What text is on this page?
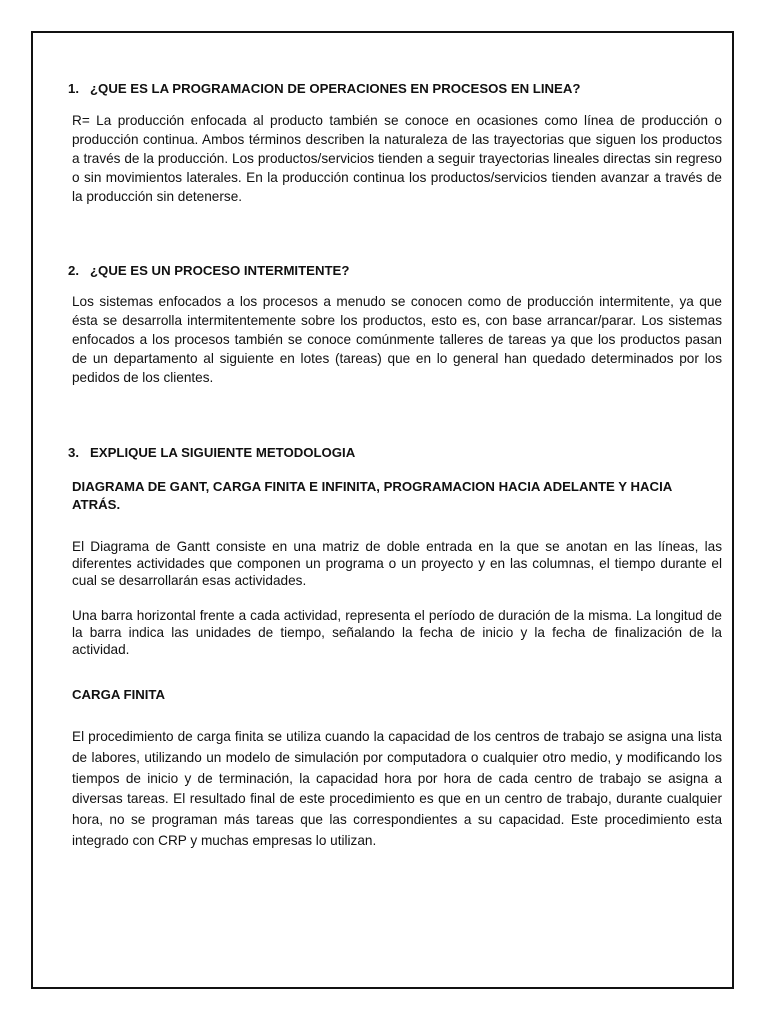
1. ¿QUE ES LA PROGRAMACION DE OPERACIONES EN PROCESOS EN LINEA?

R= La producción enfocada al producto también se conoce en ocasiones como línea de producción o producción continua. Ambos términos describen la naturaleza de las trayectorias que siguen los productos a través de la producción. Los productos/servicios tienden a seguir trayectorias lineales directas sin regreso o sin movimientos laterales. En la producción continua los productos/servicios tienden avanzar a través de la producción sin detenerse.

2. ¿QUE ES UN PROCESO INTERMITENTE?

Los sistemas enfocados a los procesos a menudo se conocen como de producción intermitente, ya que ésta se desarrolla intermitentemente sobre los productos, esto es, con base arrancar/parar. Los sistemas enfocados a los procesos también se conoce comúnmente talleres de tareas ya que los productos pasan de un departamento al siguiente en lotes (tareas) que en lo general han quedado determinados por los pedidos de los clientes.

3. EXPLIQUE LA SIGUIENTE METODOLOGIA

DIAGRAMA DE GANT, CARGA FINITA E INFINITA, PROGRAMACION HACIA ADELANTE Y HACIA ATRÁS.

El Diagrama de Gantt consiste en una matriz de doble entrada en la que se anotan en las líneas, las diferentes actividades que componen un programa o un proyecto y en las columnas, el tiempo durante el cual se desarrollarán esas actividades.

Una barra horizontal frente a cada actividad, representa el período de duración de la misma. La longitud de la barra indica las unidades de tiempo, señalando la fecha de inicio y la fecha de finalización de la actividad.

CARGA FINITA

El procedimiento de carga finita se utiliza cuando la capacidad de los centros de trabajo se asigna una lista de labores, utilizando un modelo de simulación por computadora o cualquier otro medio, y modificando los tiempos de inicio y de terminación, la capacidad hora por hora de cada centro de trabajo se asigna a diversas tareas. El resultado final de este procedimiento es que en un centro de trabajo, durante cualquier hora, no se programan más tareas que las correspondientes a su capacidad. Este procedimiento esta integrado con CRP y muchas empresas lo utilizan.
